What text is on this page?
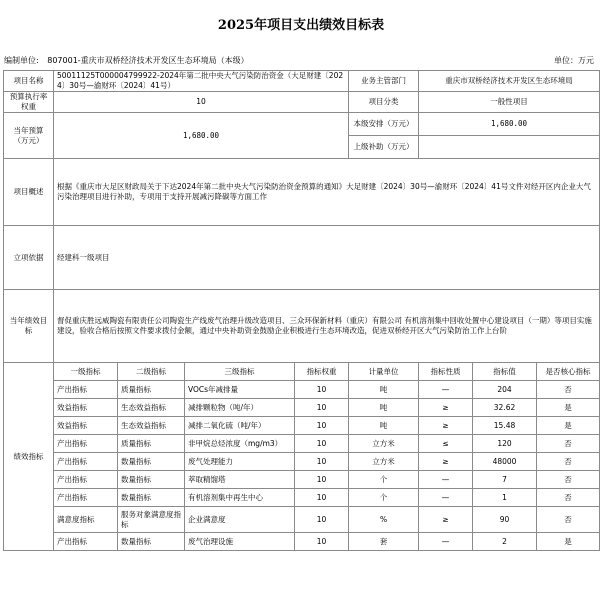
2025年项目支出绩效目标表
编制单位: 807001-重庆市双桥经济技术开发区生态环境局（本级）	单位：万元
项目名称	50011125T000004799922-2024年第二批中央大气污染防治资金（大足财建〔2024〕30号—渝财环〔2024〕41号）				业务主管部门	重庆市双桥经济技术开发区生态环境局		
预算执行率权重	10				项目分类	一般性项目		
当年预算（万元）	1,680.00				本级安排（万元）	1,680.00		
					上级补助（万元）			
项目概述	根据《重庆市大足区财政局关于下达2024年第二批中央大气污染防治资金预算的通知》大足财建〔2024〕30号—渝财环〔2024〕41号文件对经开区内企业大气污染治理项目进行补助，专项用于支持开展减污降碳等方面工作							
立项依据	经建科一级项目							
当年绩效目标	督促重庆胜远威陶瓷有限责任公司陶瓷生产线废气治理升级改造项目、三众环保新材料（重庆）有限公司 有机溶剂集中回收处置中心建设项目（一期）等项目实施建设，验收合格后按照文件要求拨付金额，通过中央补助资金鼓励企业积极进行生态环境改造，促进双桥经开区大气污染防治工作上台阶							
绩效指标	一级指标	二级指标	三级指标	指标权重	计量单位	指标性质	指标值	是否核心指标
	产出指标	质量指标	VOCs年减排量	10	吨	—	204	否
	效益指标	生态效益指标	减排颗粒物（吨/年）	10	吨	≥	32.62	是
	效益指标	生态效益指标	减排二氧化硫（吨/年）	10	吨	≥	15.48	是
	产出指标	质量指标	非甲烷总烃浓度（mg/m3）	10	立方米	≤	120	否
	产出指标	数量指标	废气处理能力	10	立方米	≥	48000	否
	产出指标	数量指标	萃取精馏塔	10	个	—	7	否
	产出指标	数量指标	有机溶剂集中再生中心	10	个	—	1	否
	满意度指标	服务对象满意度指标	企业满意度	10	%	≥	90	否
	产出指标	数量指标	废气治理设施	10	套	—	2	是
